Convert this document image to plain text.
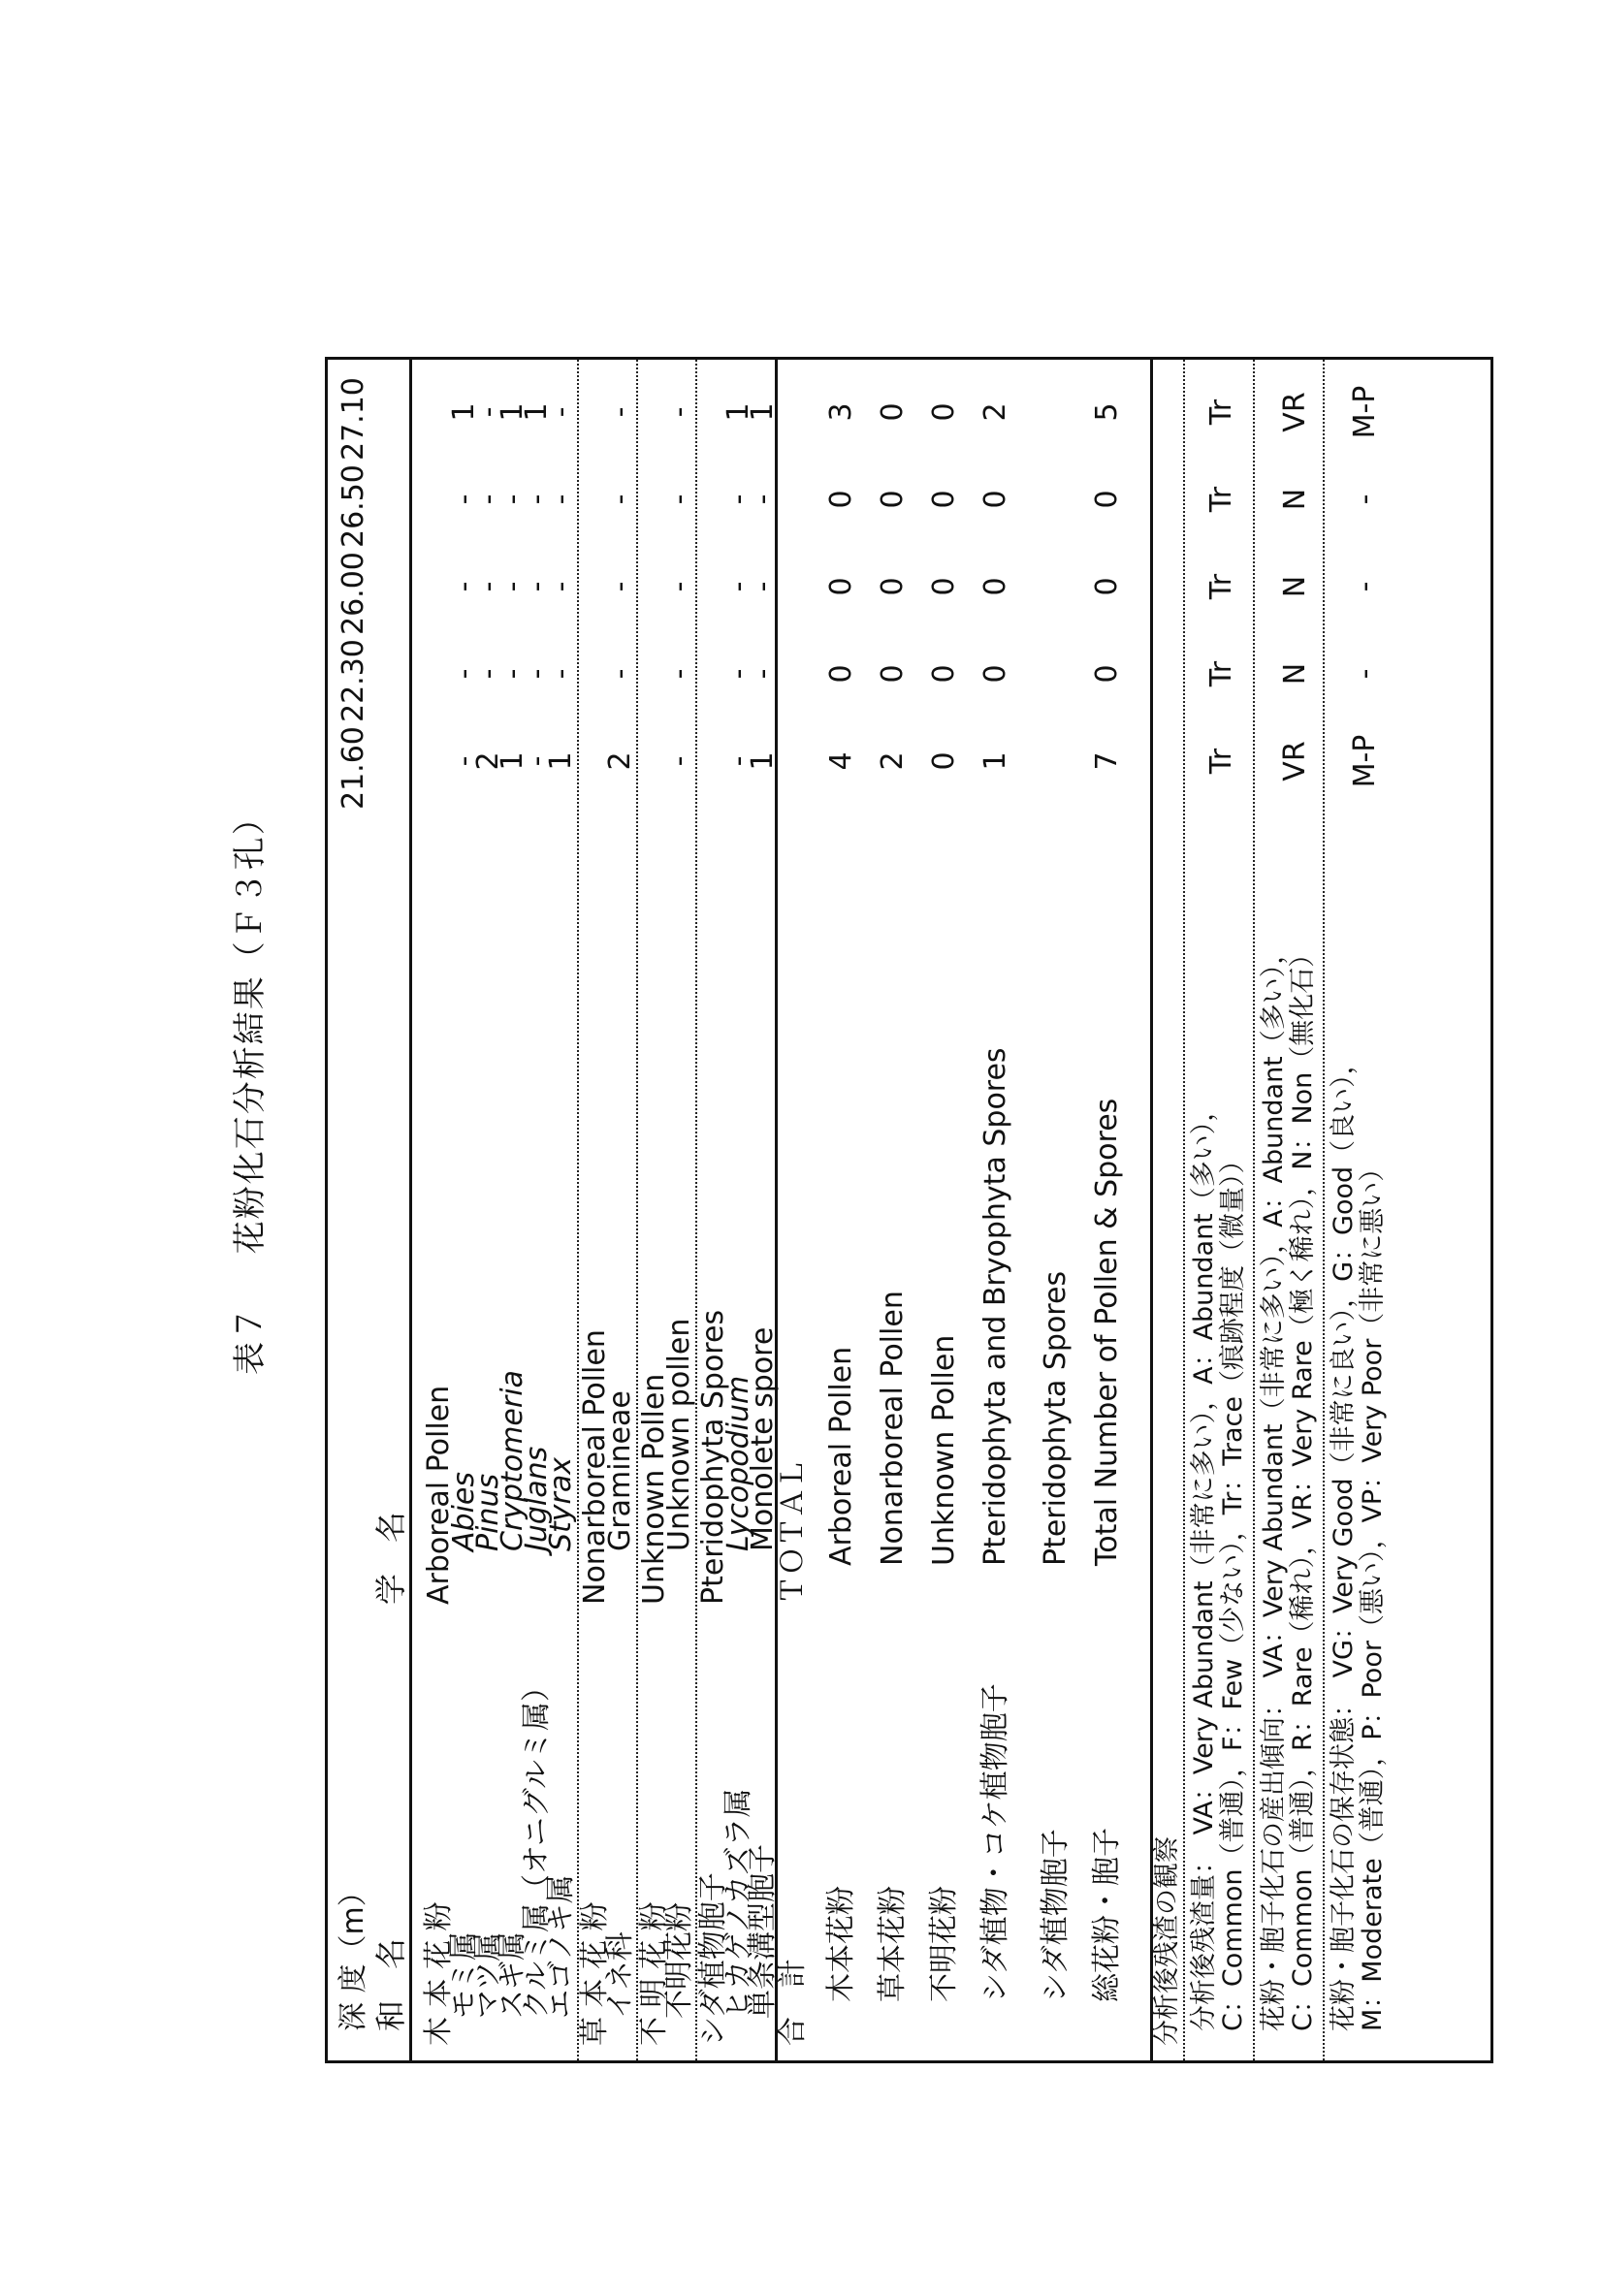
表７ 花粉化石分析結果（Ｆ３孔）
深 度（m） 和　名
学　名
21.60
22.30
26.00
26.50
27.10
木 本 花 粉
Arboreal Pollen
モミ属
Abies
-
-
-
-
1
マツ属
Pinus
2
-
-
-
-
スギ属
Cryptomeria
1
-
-
-
1
クルミ属（オニグルミ属）
Juglans
-
-
-
-
1
エゴノキ属
Styrax
1
-
-
-
-
草 本 花 粉
Nonarboreal Pollen
イネ科
Gramineae
2
-
-
-
-
不 明 花 粉
Unknown Pollen
不明花粉
Unknown pollen
-
-
-
-
-
シダ植物胞子
Pteridophyta Spores
ヒカゲノカズラ属
Lycopodium
-
-
-
-
1
単条溝型胞子
Monolete spore
1
-
-
-
1
合　計
ＴＯＴＡＬ
木本花粉
Arboreal Pollen
4
0
0
0
3
草本花粉
Nonarboreal Pollen
2
0
0
0
0
不明花粉
Unknown Pollen
0
0
0
0
0
シダ植物・コケ植物胞子
Pteridophyta and Bryophyta Spores
1
0
0
0
2
シダ植物胞子
Pteridophyta Spores
総花粉・胞子
Total Number of Pollen & Spores
7
0
0
0
5
分析後残渣の観察 分析後残渣量：　VA：Very Abundant（非常に多い），A：Abundant（多い）， C：Common（普通），F：Few（少ない），Tr：Trace（痕跡程度（微量））
Tr
Tr
Tr
Tr
Tr
花粉・胞子化石の産出傾向：　VA：Very Abundant（非常に多い），A：Abundant（多い）， C：Common（普通），R：Rare（稀れ），VR：Very Rare（極く稀れ），N：Non（無化石）
VR
N
N
N
VR
花粉・胞子化石の保存状態：　VG：Very Good（非常に良い），G：Good（良い）， M：Moderate（普通），P：Poor（悪い），VP：Very Poor（非常に悪い）
M-P
-
-
-
M-P
